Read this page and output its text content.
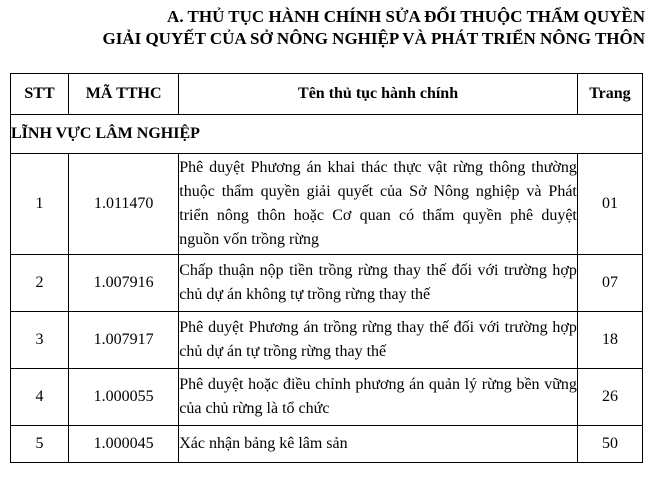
A. THỦ TỤC HÀNH CHÍNH SỬA ĐỔI THUỘC THẨM QUYỀN
GIẢI QUYẾT CỦA SỞ NÔNG NGHIỆP VÀ PHÁT TRIỂN NÔNG THÔN
STT	MÃ TTHC	Tên thủ tục hành chính	Trang
LĨNH VỰC LÂM NGHIỆP			
1	1.011470	Phê duyệt Phương án khai thác thực vật rừng thông thường thuộc thẩm quyền giải quyết của Sở Nông nghiệp và Phát triển nông thôn hoặc Cơ quan có thẩm quyền phê duyệt nguồn vốn trồng rừng	01
2	1.007916	Chấp thuận nộp tiền trồng rừng thay thế đối với trường hợp chủ dự án không tự trồng rừng thay thế	07
3	1.007917	Phê duyệt Phương án trồng rừng thay thế đối với trường hợp chủ dự án tự trồng rừng thay thế	18
4	1.000055	Phê duyệt hoặc điều chỉnh phương án quản lý rừng bền vững của chủ rừng là tổ chức	26
5	1.000045	Xác nhận bảng kê lâm sản	50
